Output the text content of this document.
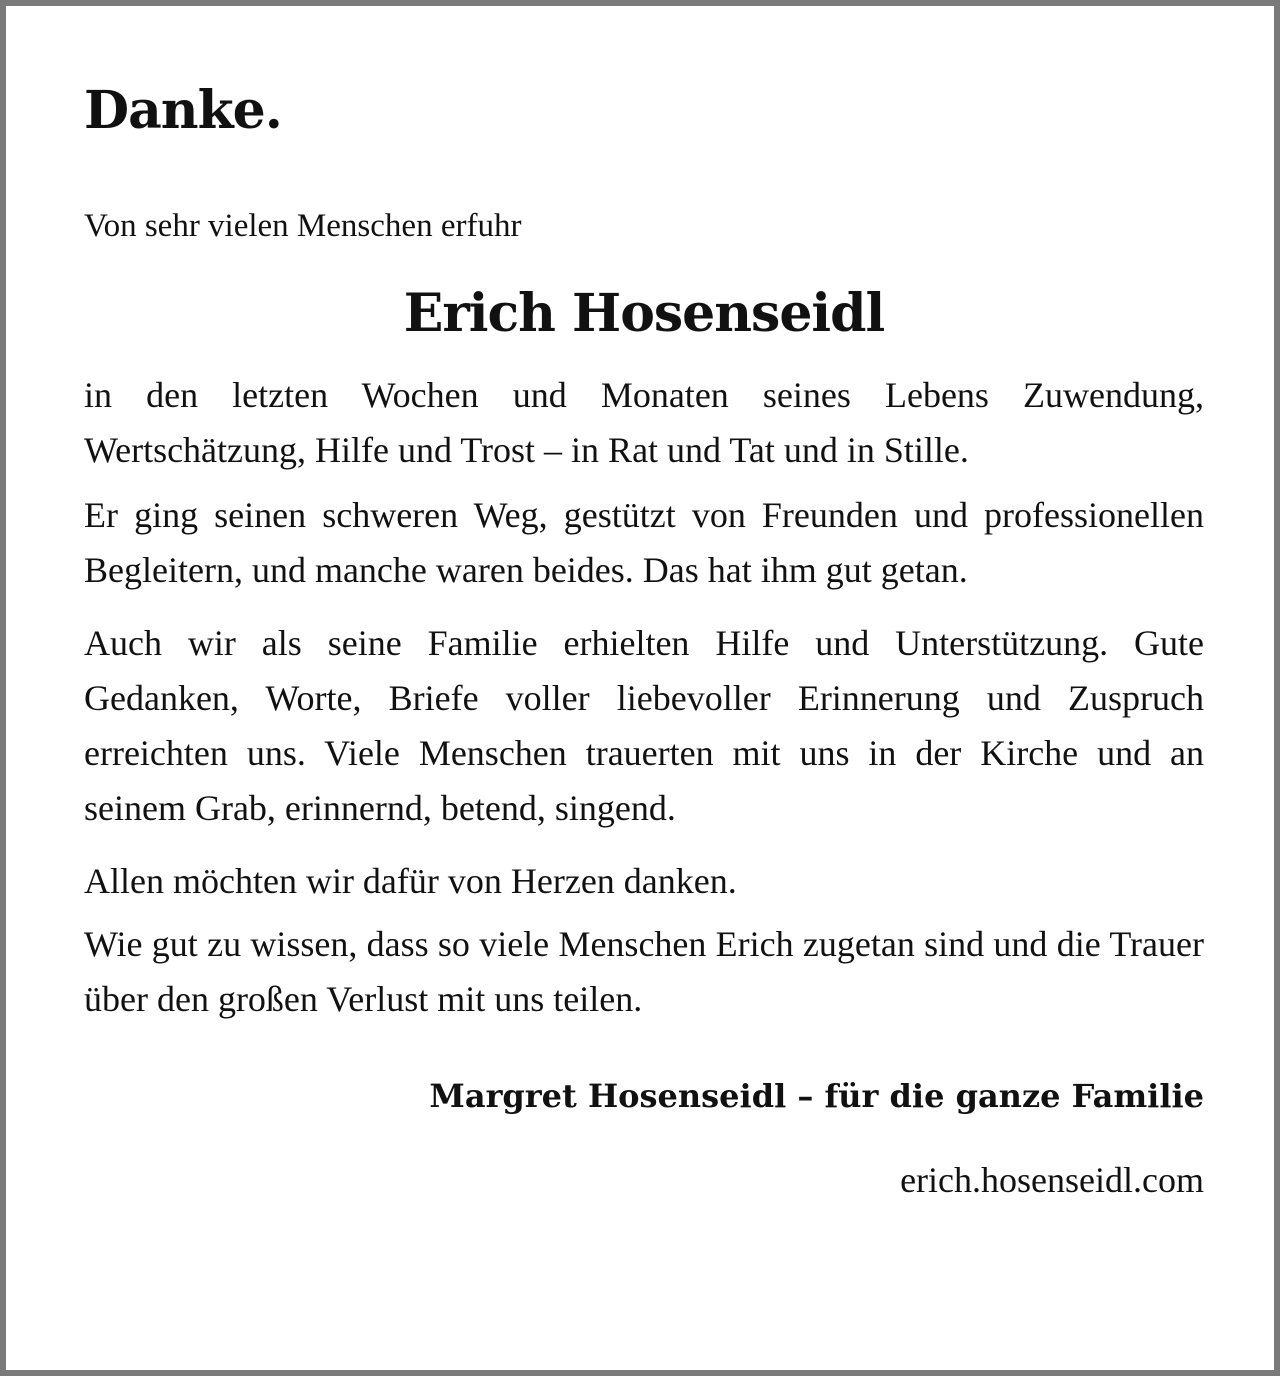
Danke.

Von sehr vielen Menschen erfuhr

Erich Hosenseidl

in den letzten Wochen und Monaten seines Lebens Zuwendung, Wertschätzung, Hilfe und Trost – in Rat und Tat und in Stille.

Er ging seinen schweren Weg, gestützt von Freunden und professionellen Begleitern, und manche waren beides. Das hat ihm gut getan.

Auch wir als seine Familie erhielten Hilfe und Unterstützung. Gute Gedanken, Worte, Briefe voller liebevoller Erinnerung und Zuspruch erreichten uns. Viele Menschen trauerten mit uns in der Kirche und an seinem Grab, erinnernd, betend, singend.

Allen möchten wir dafür von Herzen danken.

Wie gut zu wissen, dass so viele Menschen Erich zugetan sind und die Trauer über den großen Verlust mit uns teilen.

Margret Hosenseidl – für die ganze Familie

erich.hosenseidl.com
